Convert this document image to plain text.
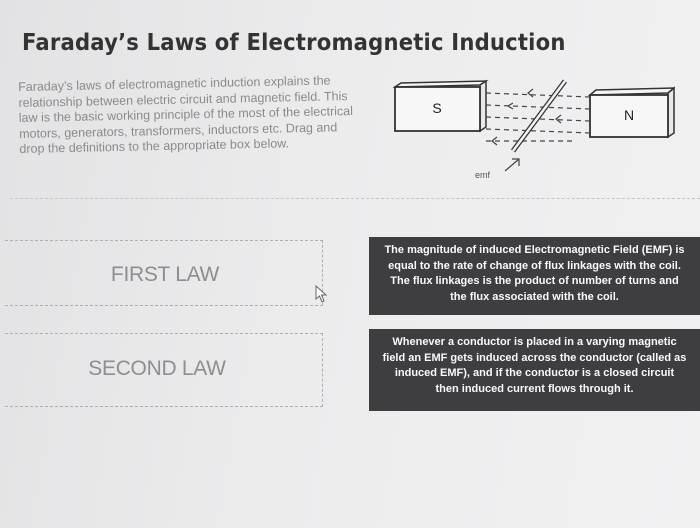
Faraday’s Laws of Electromagnetic Induction
Faraday’s laws of electromagnetic induction explains the relationship between electric circuit and magnetic field. This law is the basic working principle of the most of the electrical motors, generators, transformers, inductors etc. Drag and drop the definitions to the appropriate box below.
S	N
emf
FIRST LAW
SECOND LAW
The magnitude of induced Electromagnetic Field (EMF) is
equal to the rate of change of flux linkages with the coil.
The flux linkages is the product of number of turns and
the flux associated with the coil.
Whenever a conductor is placed in a varying magnetic
field an EMF gets induced across the conductor (called as
induced EMF), and if the conductor is a closed circuit
then induced current flows through it.
